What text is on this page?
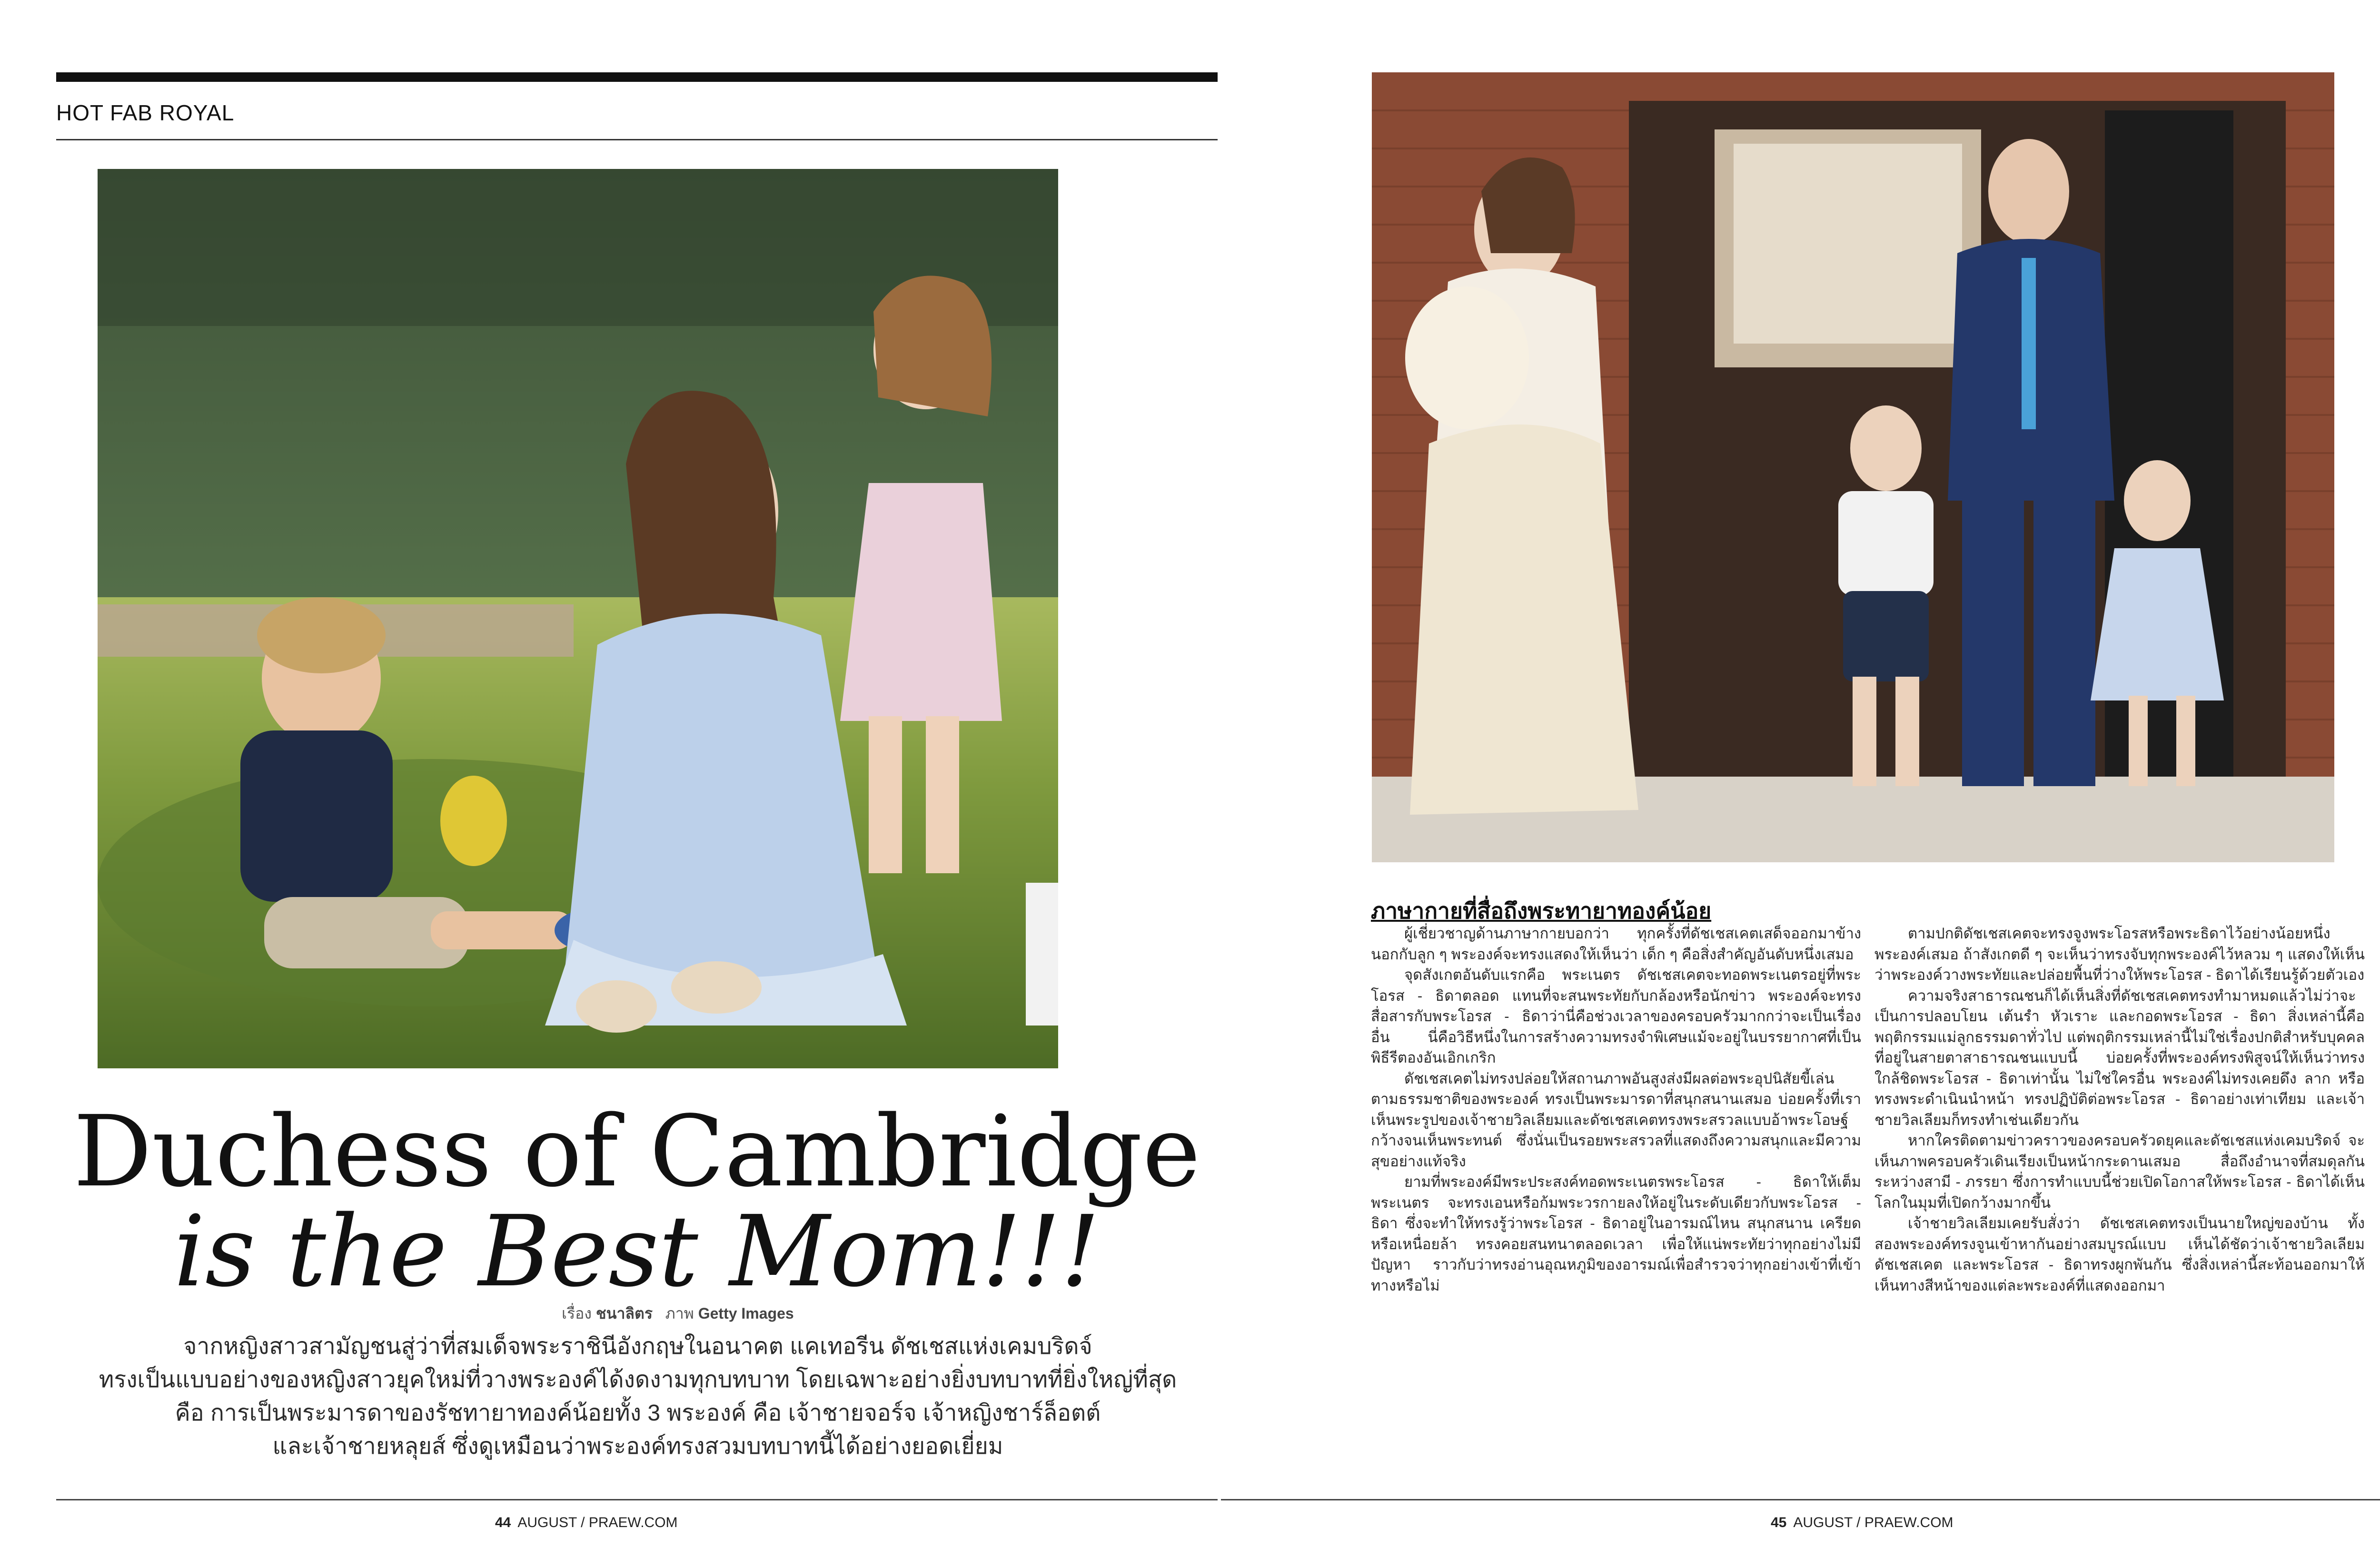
HOT FAB ROYAL
Duchess of Cambridge
is the Best Mom!!!
เรื่อง ชนาลิตร ภาพ Getty Images
จากหญิงสาวสามัญชนสู่ว่าที่สมเด็จพระราชินีอังกฤษในอนาคต แคเทอรีน ดัชเชสแห่งเคมบริดจ์
ทรงเป็นแบบอย่างของหญิงสาวยุคใหม่ที่วางพระองค์ได้งดงามทุกบทบาท โดยเฉพาะอย่างยิ่งบทบาทที่ยิ่งใหญ่ที่สุด
คือ การเป็นพระมารดาของรัชทายาทองค์น้อยทั้ง 3 พระองค์ คือ เจ้าชายจอร์จ เจ้าหญิงชาร์ล็อตต์
และเจ้าชายหลุยส์ ซึ่งดูเหมือนว่าพระองค์ทรงสวมบทบาทนี้ได้อย่างยอดเยี่ยม
44 AUGUST / PRAEW.COM
ภาษากายที่สื่อถึงพระทายาทองค์น้อย

ผู้เชี่ยวชาญด้านภาษากายบอกว่า ทุกครั้งที่ดัชเชสเคตเสด็จออกมาข้างนอกกับลูก ๆ พระองค์จะทรงแสดงให้เห็นว่า เด็ก ๆ คือสิ่งสำคัญอันดับหนึ่งเสมอ

จุดสังเกตอันดับแรกคือ พระเนตร ดัชเชสเคตจะทอดพระเนตรอยู่ที่พระโอรส - ธิดาตลอด แทนที่จะสนพระทัยกับกล้องหรือนักข่าว พระองค์จะทรงสื่อสารกับพระโอรส - ธิดาว่านี่คือช่วงเวลาของครอบครัวมากกว่าจะเป็นเรื่องอื่น นี่คือวิธีหนึ่งในการสร้างความทรงจำพิเศษแม้จะอยู่ในบรรยากาศที่เป็นพิธีรีตองอันเอิกเกริก

ดัชเชสเคตไม่ทรงปล่อยให้สถานภาพอันสูงส่งมีผลต่อพระอุปนิสัยขี้เล่นตามธรรมชาติของพระองค์ ทรงเป็นพระมารดาที่สนุกสนานเสมอ บ่อยครั้งที่เราเห็นพระรูปของเจ้าชายวิลเลียมและดัชเชสเคตทรงพระสรวลแบบอ้าพระโอษฐ์กว้างจนเห็นพระทนต์ ซึ่งนั่นเป็นรอยพระสรวลที่แสดงถึงความสนุกและมีความสุขอย่างแท้จริง

ยามที่พระองค์มีพระประสงค์ทอดพระเนตรพระโอรส - ธิดาให้เต็มพระเนตร จะทรงเอนหรือก้มพระวรกายลงให้อยู่ในระดับเดียวกับพระโอรส - ธิดา ซึ่งจะทำให้ทรงรู้ว่าพระโอรส - ธิดาอยู่ในอารมณ์ไหน สนุกสนาน เครียด หรือเหนื่อยล้า ทรงคอยสนทนาตลอดเวลา เพื่อให้แน่พระทัยว่าทุกอย่างไม่มีปัญหา ราวกับว่าทรงอ่านอุณหภูมิของอารมณ์เพื่อสำรวจว่าทุกอย่างเข้าที่เข้าทางหรือไม่

ตามปกติดัชเชสเคตจะทรงจูงพระโอรสหรือพระธิดาไว้อย่างน้อยหนึ่งพระองค์เสมอ ถ้าสังเกตดี ๆ จะเห็นว่าทรงจับทุกพระองค์ไว้หลวม ๆ แสดงให้เห็นว่าพระองค์วางพระทัยและปล่อยพื้นที่ว่างให้พระโอรส - ธิดาได้เรียนรู้ด้วยตัวเอง

ความจริงสาธารณชนก็ได้เห็นสิ่งที่ดัชเชสเคตทรงทำมาหมดแล้วไม่ว่าจะเป็นการปลอบโยน เต้นรำ หัวเราะ และกอดพระโอรส - ธิดา สิ่งเหล่านี้คือพฤติกรรมแม่ลูกธรรมดาทั่วไป แต่พฤติกรรมเหล่านี้ไม่ใช่เรื่องปกติสำหรับบุคคลที่อยู่ในสายตาสาธารณชนแบบนี้ บ่อยครั้งที่พระองค์ทรงพิสูจน์ให้เห็นว่าทรงใกล้ชิดพระโอรส - ธิดาเท่านั้น ไม่ใช่ใครอื่น พระองค์ไม่ทรงเคยดึง ลาก หรือทรงพระดำเนินนำหน้า ทรงปฏิบัติต่อพระโอรส - ธิดาอย่างเท่าเทียม และเจ้าชายวิลเลียมก็ทรงทำเช่นเดียวกัน

หากใครติดตามข่าวคราวของครอบครัวดยุคและดัชเชสแห่งเคมบริดจ์ จะเห็นภาพครอบครัวเดินเรียงเป็นหน้ากระดานเสมอ สื่อถึงอำนาจที่สมดุลกันระหว่างสามี - ภรรยา ซึ่งการทำแบบนี้ช่วยเปิดโอกาสให้พระโอรส - ธิดาได้เห็นโลกในมุมที่เปิดกว้างมากขึ้น

เจ้าชายวิลเลียมเคยรับสั่งว่า ดัชเชสเคตทรงเป็นนายใหญ่ของบ้าน ทั้งสองพระองค์ทรงจูนเข้าหากันอย่างสมบูรณ์แบบ เห็นได้ชัดว่าเจ้าชายวิลเลียม ดัชเชสเคต และพระโอรส - ธิดาทรงผูกพันกัน ซึ่งสิ่งเหล่านี้สะท้อนออกมาให้เห็นทางสีหน้าของแต่ละพระองค์ที่แสดงออกมา

45 AUGUST / PRAEW.COM
